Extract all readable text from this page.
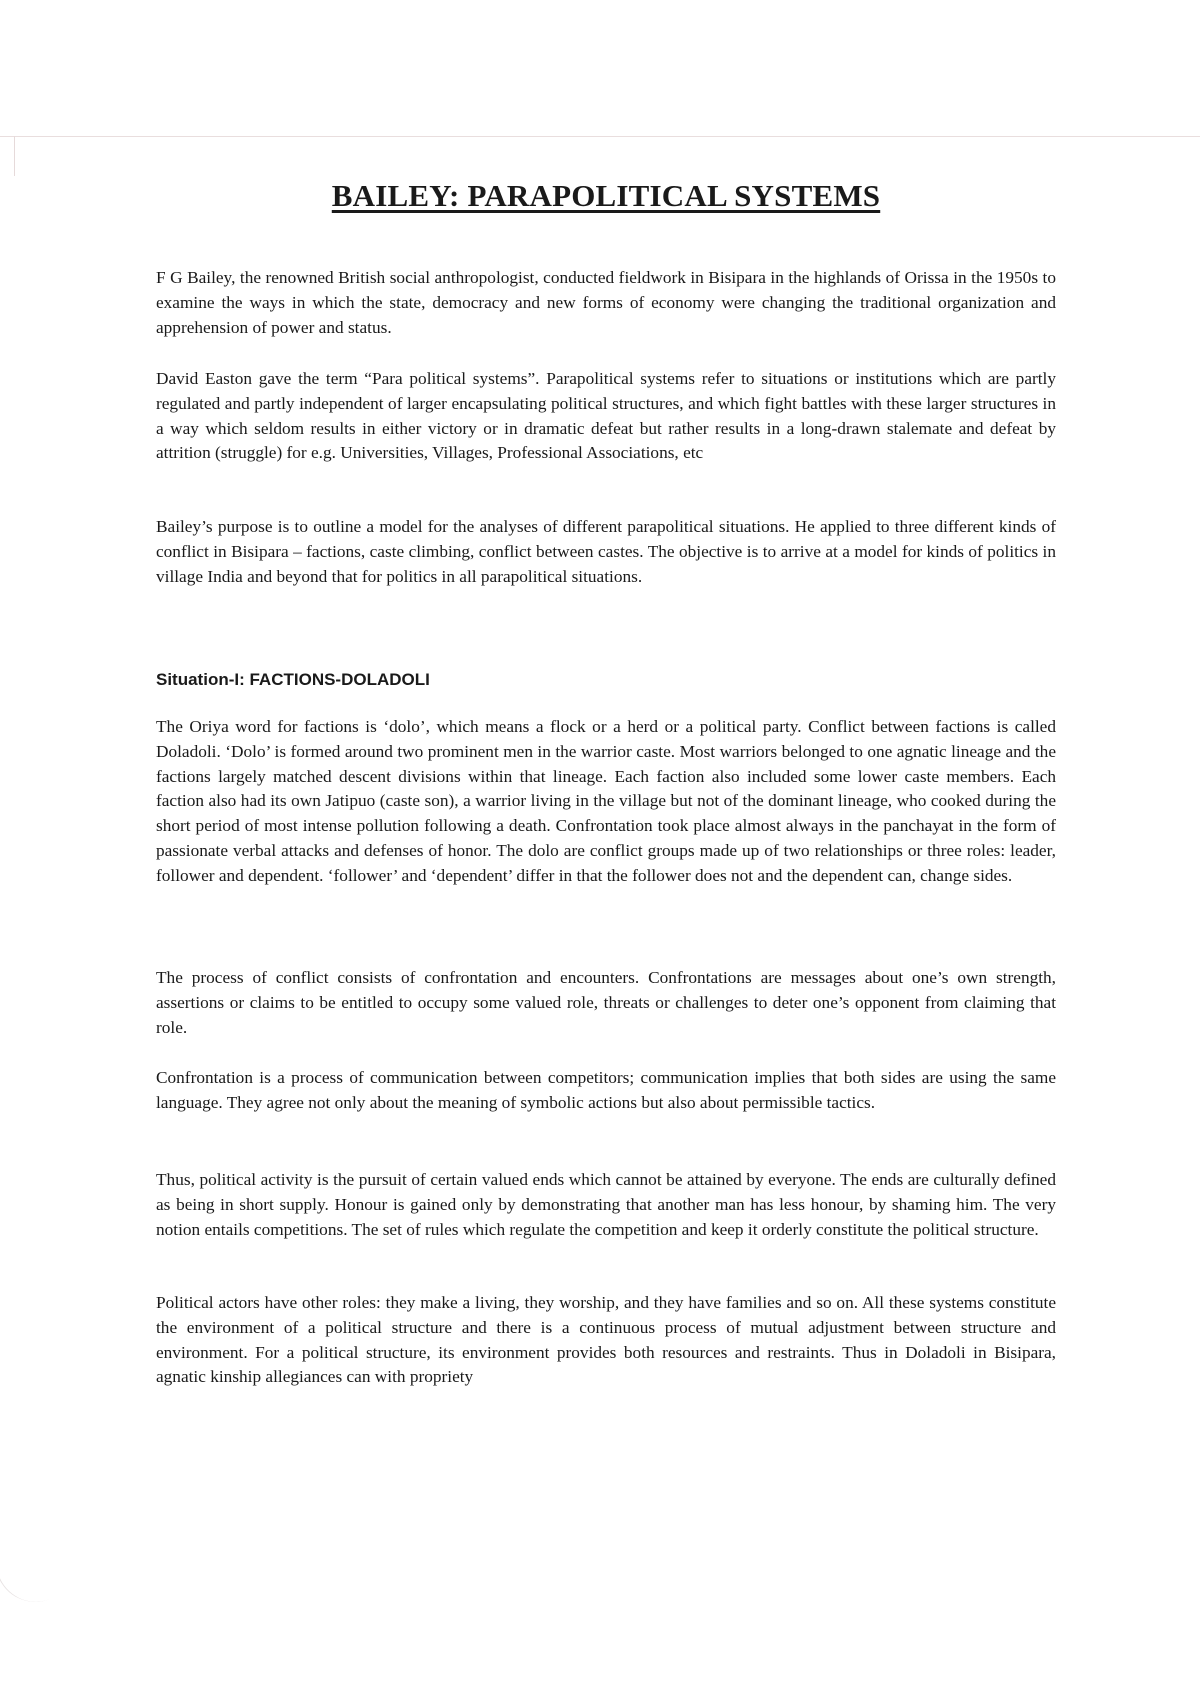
BAILEY: PARAPOLITICAL SYSTEMS

F G Bailey, the renowned British social anthropologist, conducted fieldwork in Bisipara in the highlands of Orissa in the 1950s to examine the ways in which the state, democracy and new forms of economy were changing the traditional organization and apprehension of power and status.

David Easton gave the term “Para political systems”. Parapolitical systems refer to situations or institutions which are partly regulated and partly independent of larger encapsulating political structures, and which fight battles with these larger structures in a way which seldom results in either victory or in dramatic defeat but rather results in a long-drawn stalemate and defeat by attrition (struggle) for e.g. Universities, Villages, Professional Associations, etc

Bailey’s purpose is to outline a model for the analyses of different parapolitical situations. He applied to three different kinds of conflict in Bisipara – factions, caste climbing, conflict between castes. The objective is to arrive at a model for kinds of politics in village India and beyond that for politics in all parapolitical situations.

Situation-I: FACTIONS-DOLADOLI

The Oriya word for factions is ‘dolo’, which means a flock or a herd or a political party. Conflict between factions is called Doladoli. ‘Dolo’ is formed around two prominent men in the warrior caste. Most warriors belonged to one agnatic lineage and the factions largely matched descent divisions within that lineage. Each faction also included some lower caste members. Each faction also had its own Jatipuo (caste son), a warrior living in the village but not of the dominant lineage, who cooked during the short period of most intense pollution following a death. Confrontation took place almost always in the panchayat in the form of passionate verbal attacks and defenses of honor. The dolo are conflict groups made up of two relationships or three roles: leader, follower and dependent. ‘follower’ and ‘dependent’ differ in that the follower does not and the dependent can, change sides.

The process of conflict consists of confrontation and encounters. Confrontations are messages about one’s own strength, assertions or claims to be entitled to occupy some valued role, threats or challenges to deter one’s opponent from claiming that role.

Confrontation is a process of communication between competitors; communication implies that both sides are using the same language. They agree not only about the meaning of symbolic actions but also about permissible tactics.

Thus, political activity is the pursuit of certain valued ends which cannot be attained by everyone. The ends are culturally defined as being in short supply. Honour is gained only by demonstrating that another man has less honour, by shaming him. The very notion entails competitions. The set of rules which regulate the competition and keep it orderly constitute the political structure.

Political actors have other roles: they make a living, they worship, and they have families and so on. All these systems constitute the environment of a political structure and there is a continuous process of mutual adjustment between structure and environment. For a political structure, its environment provides both resources and restraints. Thus in Doladoli in Bisipara, agnatic kinship allegiances can with propriety
